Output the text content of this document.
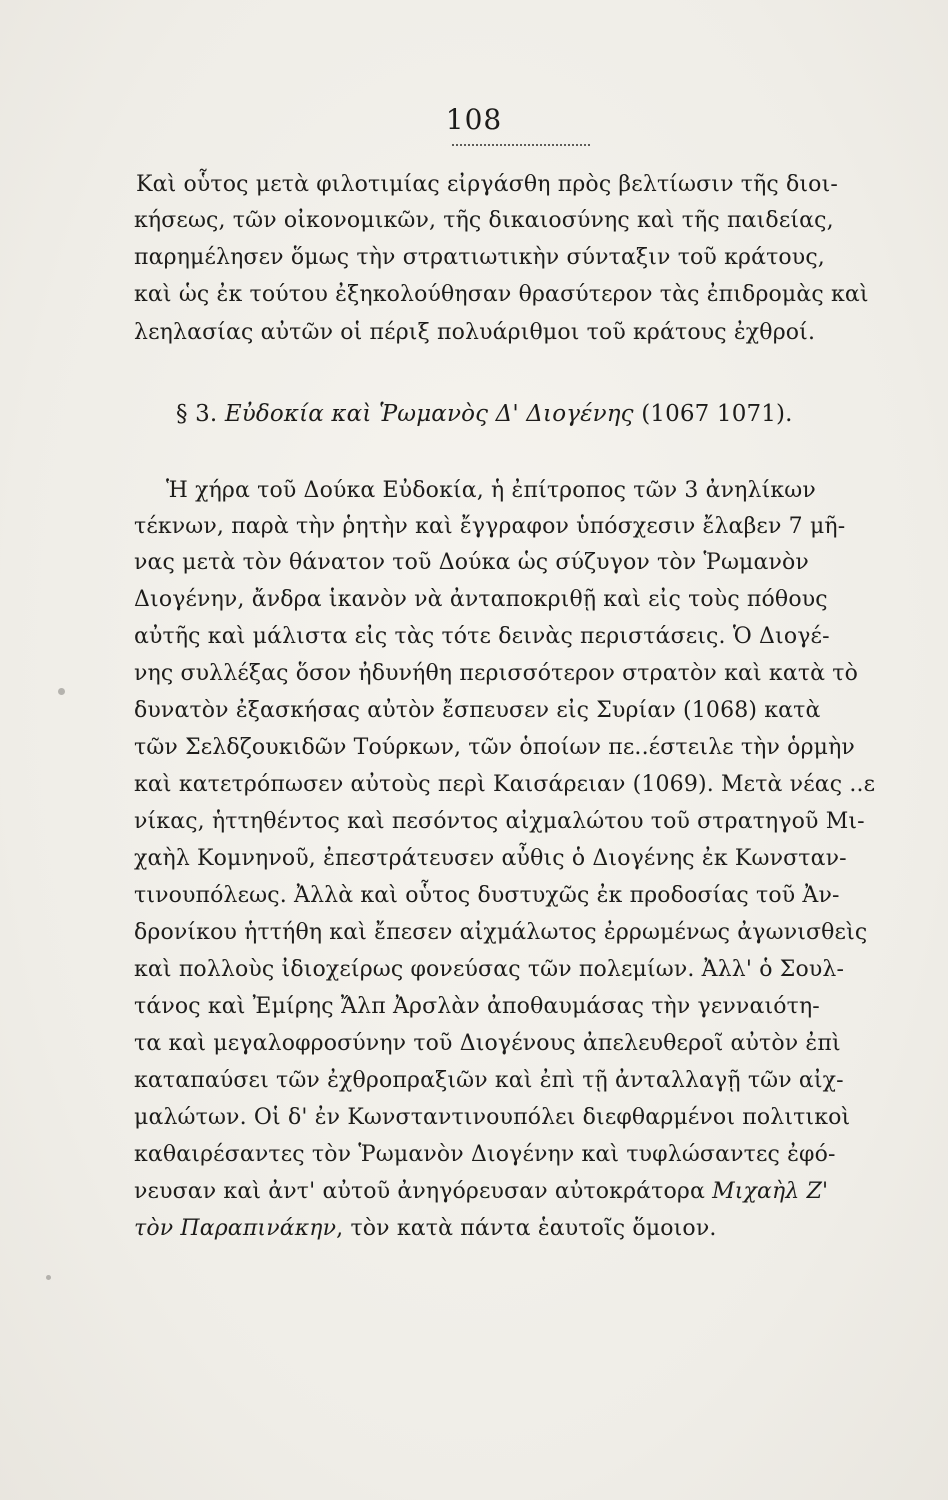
108
Καὶ οὗτος μετὰ φιλοτιμίας εἰργάσθη πρὸς βελτίωσιν τῆς διοι-
κήσεως, τῶν οἰκονομικῶν, τῆς δικαιοσύνης καὶ τῆς παιδείας,
παρημέλησεν ὅμως τὴν στρατιωτικὴν σύνταξιν τοῦ κράτους,
καὶ ὡς ἐκ τούτου ἐξηκολούθησαν θρασύτερον τὰς ἐπιδρομὰς καὶ
λεηλασίας αὐτῶν οἱ πέριξ πολυάριθμοι τοῦ κράτους ἐχθροί.
§ 3. Εὐδοκία καὶ Ῥωμανὸς Δ' Διογένης (1067 1071).
Ἡ χήρα τοῦ Δούκα Εὐδοκία, ἡ ἐπίτροπος τῶν 3 ἀνηλίκων
τέκνων, παρὰ τὴν ῥητὴν καὶ ἔγγραφον ὑπόσχεσιν ἔλαβεν 7 μῆ-
νας μετὰ τὸν θάνατον τοῦ Δούκα ὡς σύζυγον τὸν Ῥωμανὸν
Διογένην, ἄνδρα ἱκανὸν νὰ ἀνταποκριθῇ καὶ εἰς τοὺς πόθους
αὐτῆς καὶ μάλιστα εἰς τὰς τότε δεινὰς περιστάσεις. Ὁ Διογέ-
νης συλλέξας ὅσον ἠδυνήθη περισσότερον στρατὸν καὶ κατὰ τὸ
δυνατὸν ἐξασκήσας αὐτὸν ἔσπευσεν εἰς Συρίαν (1068) κατὰ
τῶν Σελδζουκιδῶν Τούρκων, τῶν ὁποίων πε..έστειλε τὴν ὁρμὴν
καὶ κατετρόπωσεν αὐτοὺς περὶ Καισάρειαν (1069). Μετὰ νέας ..ε
νίκας, ἡττηθέντος καὶ πεσόντος αἰχμαλώτου τοῦ στρατηγοῦ Μι-
χαὴλ Κομνηνοῦ, ἐπεστράτευσεν αὖθις ὁ Διογένης ἐκ Κωνσταν-
τινουπόλεως. Ἀλλὰ καὶ οὗτος δυστυχῶς ἐκ προδοσίας τοῦ Ἀν-
δρονίκου ἡττήθη καὶ ἔπεσεν αἰχμάλωτος ἐρρωμένως ἀγωνισθεὶς
καὶ πολλοὺς ἰδιοχείρως φονεύσας τῶν πολεμίων. Ἀλλ' ὁ Σουλ-
τάνος καὶ Ἐμίρης Ἄλπ Ἀρσλὰν ἀποθαυμάσας τὴν γενναιότη-
τα καὶ μεγαλοφροσύνην τοῦ Διογένους ἀπελευθεροῖ αὐτὸν ἐπὶ
καταπαύσει τῶν ἐχθροπραξιῶν καὶ ἐπὶ τῇ ἀνταλλαγῇ τῶν αἰχ-
μαλώτων. Οἱ δ' ἐν Κωνσταντινουπόλει διεφθαρμένοι πολιτικοὶ
καθαιρέσαντες τὸν Ῥωμανὸν Διογένην καὶ τυφλώσαντες ἐφό-
νευσαν καὶ ἀντ' αὐτοῦ ἀνηγόρευσαν αὐτοκράτορα Μιχαὴλ Ζ'
τὸν Παραπινάκην, τὸν κατὰ πάντα ἑαυτοῖς ὅμοιον.
